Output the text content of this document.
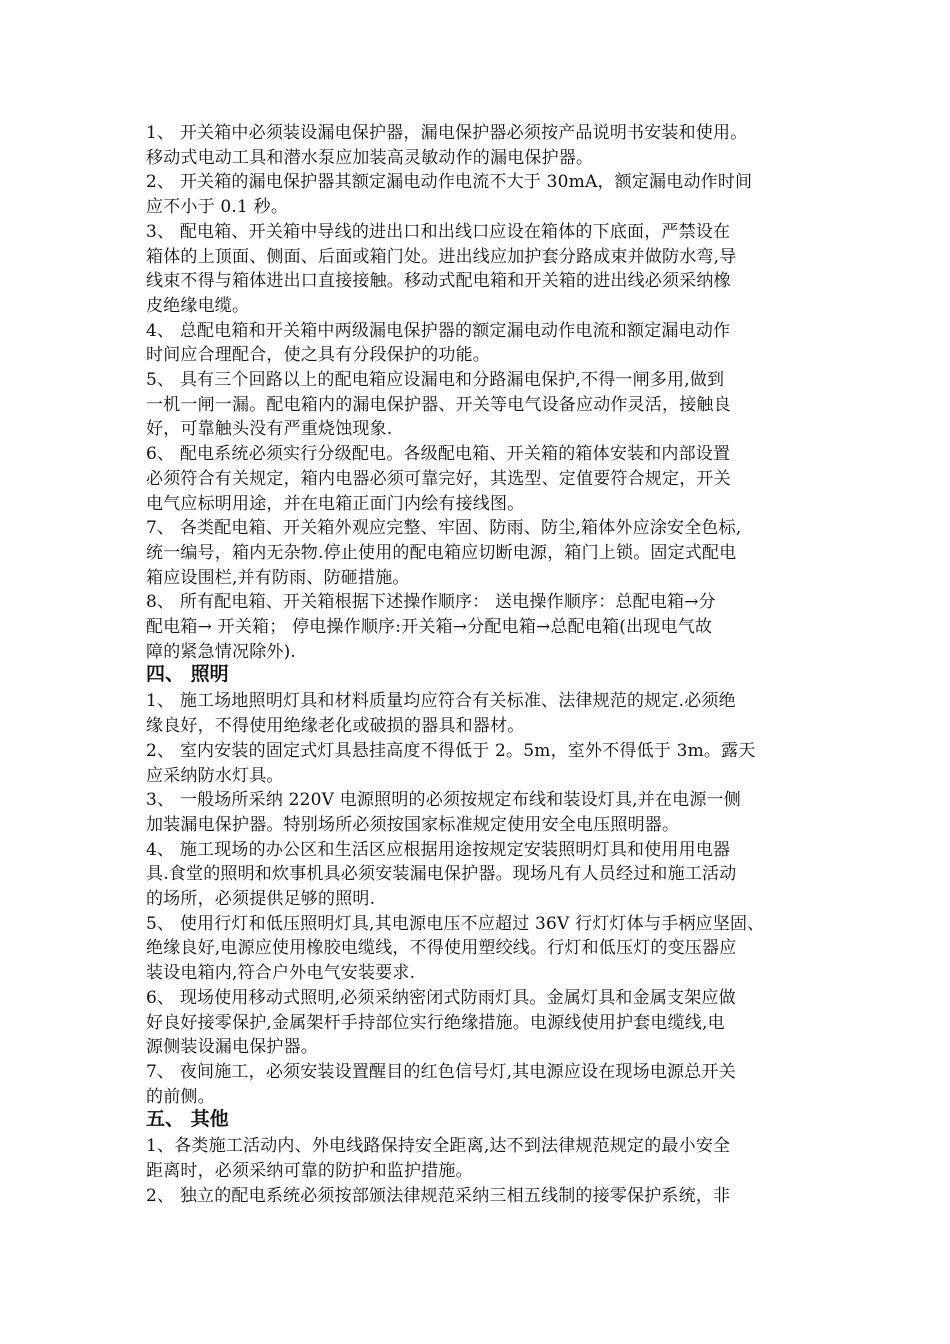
1、 开关箱中必须装设漏电保护器，漏电保护器必须按产品说明书安装和使用。
移动式电动工具和潜水泵应加装高灵敏动作的漏电保护器。
2、 开关箱的漏电保护器其额定漏电动作电流不大于 30mA，额定漏电动作时间
应不小于 0.1 秒。
3、 配电箱、开关箱中导线的进出口和出线口应设在箱体的下底面，严禁设在
箱体的上顶面、侧面、后面或箱门处。进出线应加护套分路成束并做防水弯,导
线束不得与箱体进出口直接接触。移动式配电箱和开关箱的进出线必须采纳橡
皮绝缘电缆。
4、 总配电箱和开关箱中两级漏电保护器的额定漏电动作电流和额定漏电动作
时间应合理配合，使之具有分段保护的功能。
5、 具有三个回路以上的配电箱应设漏电和分路漏电保护,不得一闸多用,做到
一机一闸一漏。配电箱内的漏电保护器、开关等电气设备应动作灵活，接触良
好，可靠触头没有严重烧蚀现象.
6、 配电系统必须实行分级配电。各级配电箱、开关箱的箱体安装和内部设置
必须符合有关规定，箱内电器必须可靠完好，其选型、定值要符合规定，开关
电气应标明用途，并在电箱正面门内绘有接线图。
7、 各类配电箱、开关箱外观应完整、牢固、防雨、防尘,箱体外应涂安全色标,
统一编号，箱内无杂物.停止使用的配电箱应切断电源，箱门上锁。固定式配电
箱应设围栏,并有防雨、防砸措施。
8、 所有配电箱、开关箱根据下述操作顺序： 送电操作顺序：总配电箱→分
配电箱→ 开关箱； 停电操作顺序:开关箱→分配电箱→总配电箱(出现电气故
障的紧急情况除外).
四、 照明
1、 施工场地照明灯具和材料质量均应符合有关标准、法律规范的规定.必须绝
缘良好，不得使用绝缘老化或破损的器具和器材。
2、 室内安装的固定式灯具悬挂高度不得低于 2。5m，室外不得低于 3m。露天
应采纳防水灯具。
3、 一般场所采纳 220V 电源照明的必须按规定布线和装设灯具,并在电源一侧
加装漏电保护器。特别场所必须按国家标准规定使用安全电压照明器。
4、 施工现场的办公区和生活区应根据用途按规定安装照明灯具和使用用电器
具.食堂的照明和炊事机具必须安装漏电保护器。现场凡有人员经过和施工活动
的场所，必须提供足够的照明.
5、 使用行灯和低压照明灯具,其电源电压不应超过 36V 行灯灯体与手柄应坚固、
绝缘良好,电源应使用橡胶电缆线，不得使用塑绞线。行灯和低压灯的变压器应
装设电箱内,符合户外电气安装要求.
6、 现场使用移动式照明,必须采纳密闭式防雨灯具。金属灯具和金属支架应做
好良好接零保护,金属架杆手持部位实行绝缘措施。电源线使用护套电缆线,电
源侧装设漏电保护器。
7、 夜间施工，必须安装设置醒目的红色信号灯,其电源应设在现场电源总开关
的前侧。
五、 其他
1、各类施工活动内、外电线路保持安全距离,达不到法律规范规定的最小安全
距离时，必须采纳可靠的防护和监护措施。
2、 独立的配电系统必须按部颁法律规范采纳三相五线制的接零保护系统，非
